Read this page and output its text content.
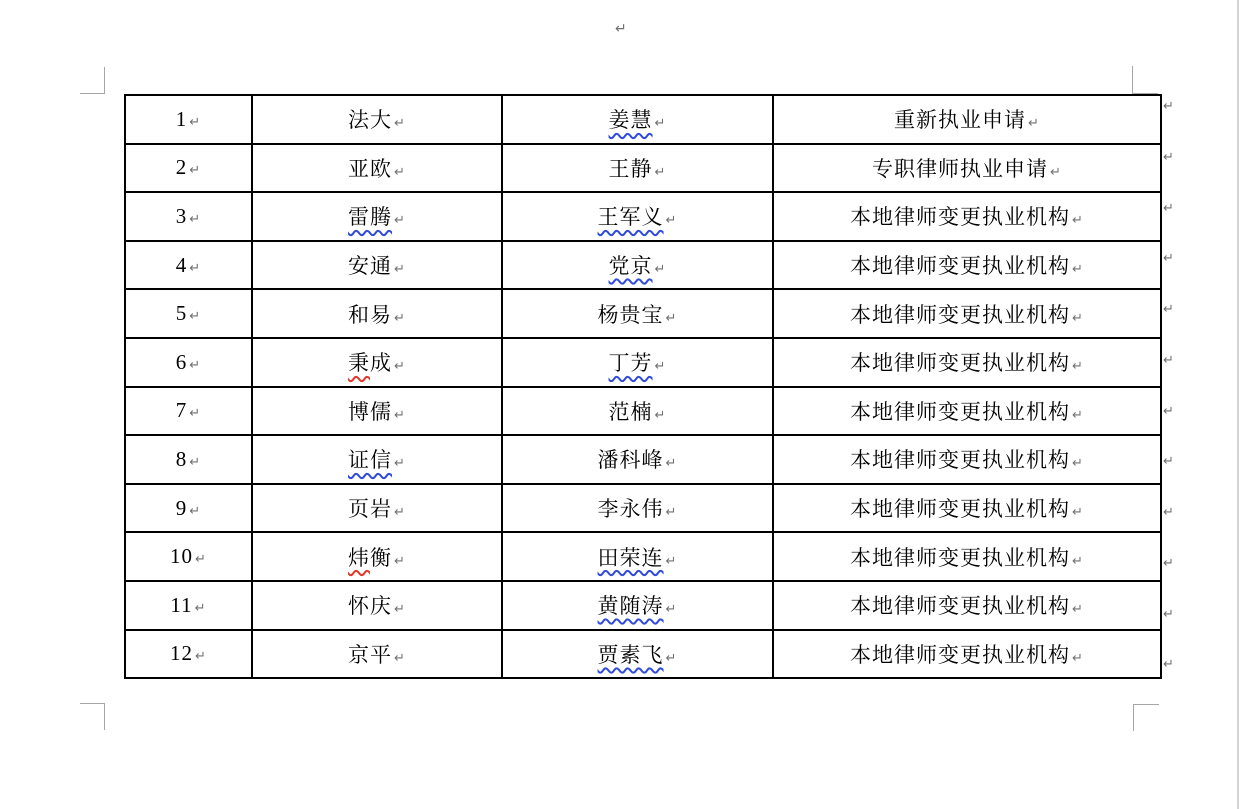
↵
1 ↵	法大 ↵	姜慧 ↵	重新执业申请 ↵
2 ↵	亚欧 ↵	王静 ↵	专职律师执业申请 ↵
3 ↵	雷腾 ↵	王军义 ↵	本地律师变更执业机构 ↵
4 ↵	安通 ↵	党京 ↵	本地律师变更执业机构 ↵
5 ↵	和易 ↵	杨贵宝 ↵	本地律师变更执业机构 ↵
6 ↵	秉成 ↵	丁芳 ↵	本地律师变更执业机构 ↵
7 ↵	博儒 ↵	范楠 ↵	本地律师变更执业机构 ↵
8 ↵	证信 ↵	潘科峰 ↵	本地律师变更执业机构 ↵
9 ↵	页岩 ↵	李永伟 ↵	本地律师变更执业机构 ↵
10 ↵	炜衡 ↵	田荣连 ↵	本地律师变更执业机构 ↵
11 ↵	怀庆 ↵	黄随涛 ↵	本地律师变更执业机构 ↵
12 ↵	京平 ↵	贾素飞 ↵	本地律师变更执业机构 ↵
↵
↵
↵
↵
↵
↵
↵
↵
↵
↵
↵
↵
